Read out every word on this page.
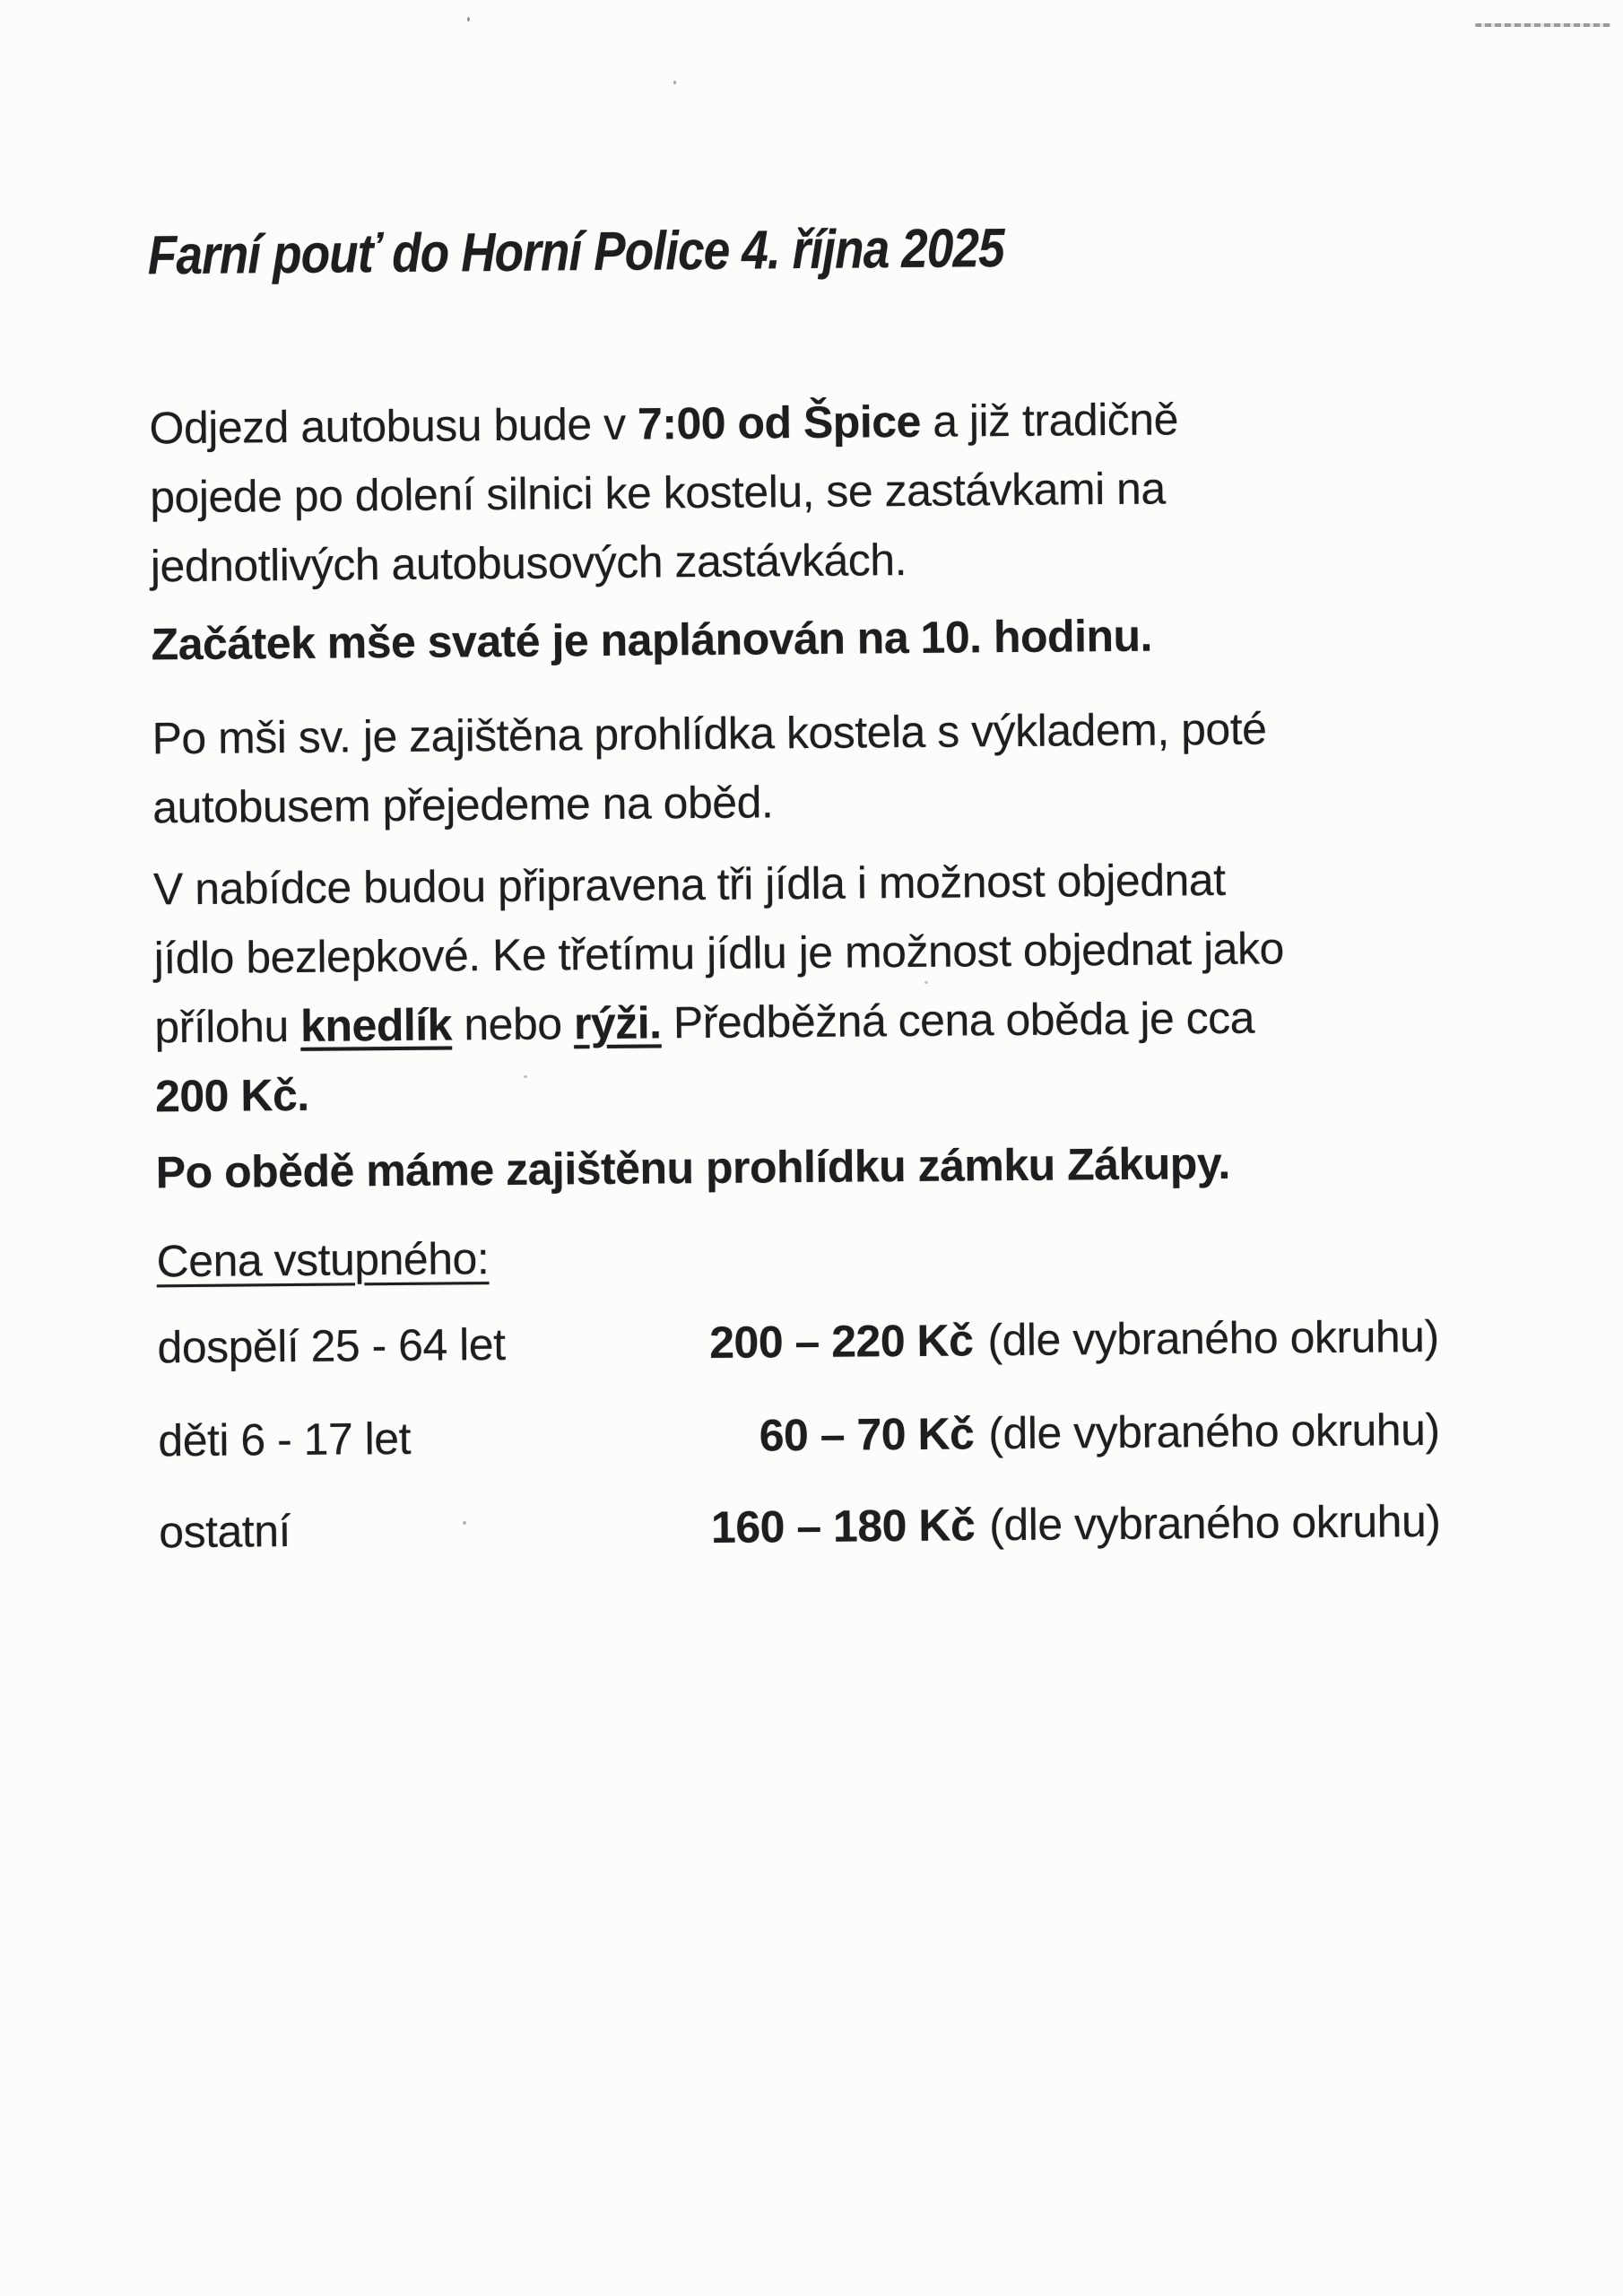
Farní pouť do Horní Police 4. října 2025
Odjezd autobusu bude v 7:00 od Špice a již tradičně
pojede po dolení silnici ke kostelu, se zastávkami na
jednotlivých autobusových zastávkách.
Začátek mše svaté je naplánován na 10. hodinu.
Po mši sv. je zajištěna prohlídka kostela s výkladem, poté
autobusem přejedeme na oběd.
V nabídce budou připravena tři jídla i možnost objednat
jídlo bezlepkové. Ke třetímu jídlu je možnost objednat jako
přílohu knedlík nebo rýži. Předběžná cena oběda je cca
200 Kč.
Po obědě máme zajištěnu prohlídku zámku Zákupy.
Cena vstupného:
dospělí 25 - 64 let	200 – 220 Kč (dle vybraného okruhu)
děti 6 - 17 let	60 – 70 Kč (dle vybraného okruhu)
ostatní	160 – 180 Kč (dle vybraného okruhu)
